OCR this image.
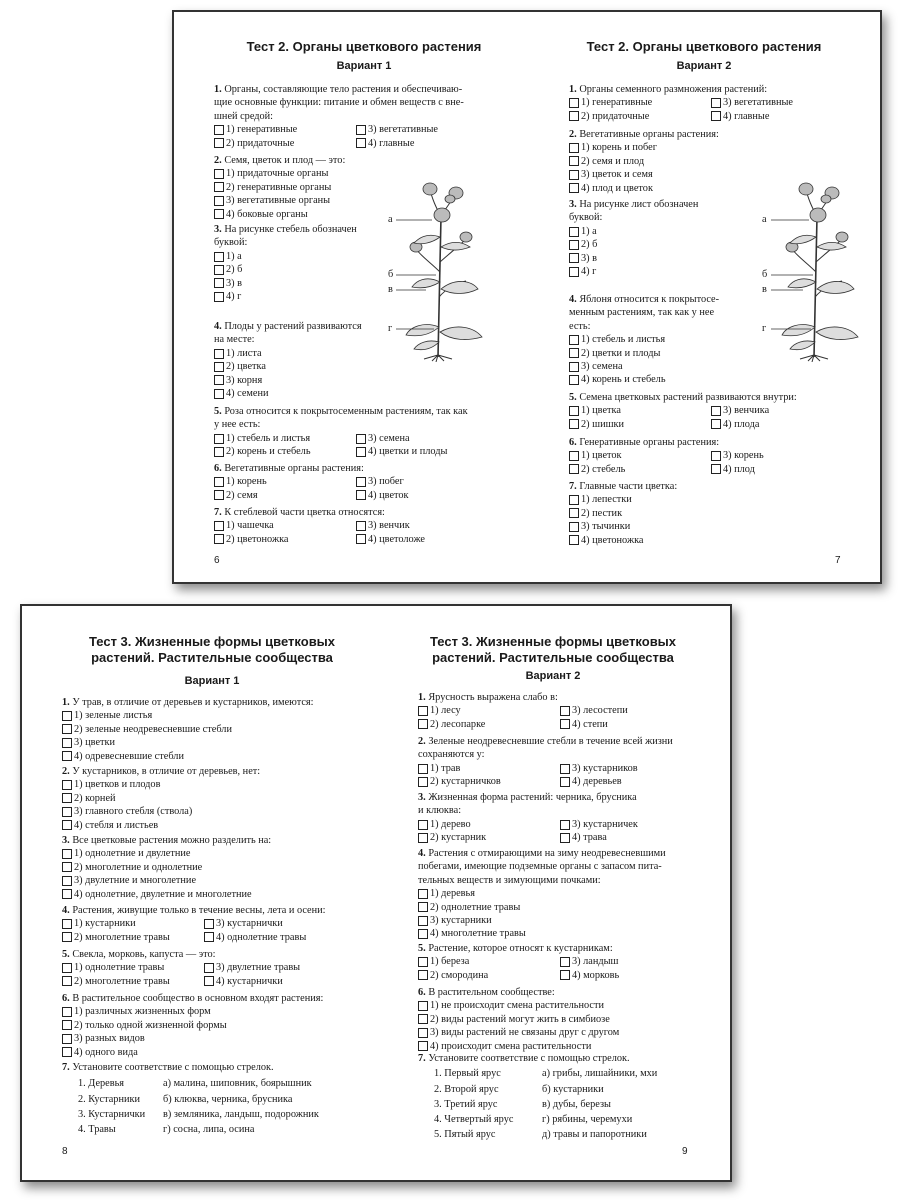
Тест 2. Органы цветкового растения
Вариант 1
1. Органы, составляющие тело растения и обеспечиваю-
щие основные функции: питание и обмен веществ с вне-
шней средой:
1) генеративные	3) вегетативные
2) придаточные	4) главные
2. Семя, цветок и плод — это:
1) придаточные органы
2) генеративные органы
3) вегетативные органы
4) боковые органы
3. На рисунке стебель обозначен
буквой:
1) а
2) б
3) в
4) г
4. Плоды у растений развиваются
на месте:
1) листа
2) цветка
3) корня
4) семени
5. Роза относится к покрытосеменным растениям, так как
у нее есть:
1) стебель и листья	3) семена
2) корень и стебель	4) цветки и плоды
6. Вегетативные органы растения:
1) корень	3) побег
2) семя	4) цветок
7. К стеблевой части цветка относятся:
1) чашечка	3) венчик
2) цветоножка	4) цветоложе
а
б
в
г
6
Тест 2. Органы цветкового растения
Вариант 2
1. Органы семенного размножения растений:
1) генеративные	3) вегетативные
2) придаточные	4) главные
2. Вегетативные органы растения:
1) корень и побег
2) семя и плод
3) цветок и семя
4) плод и цветок
3. На рисунке лист обозначен
буквой:
1) а
2) б
3) в
4) г
4. Яблоня относится к покрытосе-
менным растениям, так как у нее
есть:
1) стебель и листья
2) цветки и плоды
3) семена
4) корень и стебель
5. Семена цветковых растений развиваются внутри:
1) цветка	3) венчика
2) шишки	4) плода
6. Генеративные органы растения:
1) цветок	3) корень
2) стебель	4) плод
7. Главные части цветка:
1) лепестки
2) пестик
3) тычинки
4) цветоножка
а
б
в
г
7
Тест 3. Жизненные формы цветковых
растений. Растительные сообщества
Вариант 1
1. У трав, в отличие от деревьев и кустарников, имеются:
1) зеленые листья
2) зеленые неодревесневшие стебли
3) цветки
4) одревесневшие стебли
2. У кустарников, в отличие от деревьев, нет:
1) цветков и плодов
2) корней
3) главного стебля (ствола)
4) стебля и листьев
3. Все цветковые растения можно разделить на:
1) однолетние и двулетние
2) многолетние и однолетние
3) двулетние и многолетние
4) однолетние, двулетние и многолетние
4. Растения, живущие только в течение весны, лета и осени:
1) кустарники	3) кустарнички
2) многолетние травы	4) однолетние травы
5. Свекла, морковь, капуста — это:
1) однолетние травы	3) двулетние травы
2) многолетние травы	4) кустарнички
6. В растительное сообщество в основном входят растения:
1) различных жизненных форм
2) только одной жизненной формы
3) разных видов
4) одного вида
7. Установите соответствие с помощью стрелок.
1. Деревья	а) малина, шиповник, боярышник
2. Кустарники	б) клюква, черника, брусника
3. Кустарнички	в) земляника, ландыш, подорожник
4. Травы	г) сосна, липа, осина
8
Тест 3. Жизненные формы цветковых
растений. Растительные сообщества
Вариант 2
1. Ярусность выражена слабо в:
1) лесу	3) лесостепи
2) лесопарке	4) степи
2. Зеленые неодревесневшие стебли в течение всей жизни
сохраняются у:
1) трав	3) кустарников
2) кустарничков	4) деревьев
3. Жизненная форма растений: черника, брусника
и клюква:
1) дерево	3) кустарничек
2) кустарник	4) трава
4. Растения с отмирающими на зиму неодревесневшими
побегами, имеющие подземные органы с запасом пита-
тельных веществ и зимующими почками:
1) деревья
2) однолетние травы
3) кустарники
4) многолетние травы
5. Растение, которое относят к кустарникам:
1) береза	3) ландыш
2) смородина	4) морковь
6. В растительном сообществе:
1) не происходит смена растительности
2) виды растений могут жить в симбиозе
3) виды растений не связаны друг с другом
4) происходит смена растительности
7. Установите соответствие с помощью стрелок.
1. Первый ярус	а) грибы, лишайники, мхи
2. Второй ярус	б) кустарники
3. Третий ярус	в) дубы, березы
4. Четвертый ярус	г) рябины, черемухи
5. Пятый ярус	д) травы и папоротники
9
